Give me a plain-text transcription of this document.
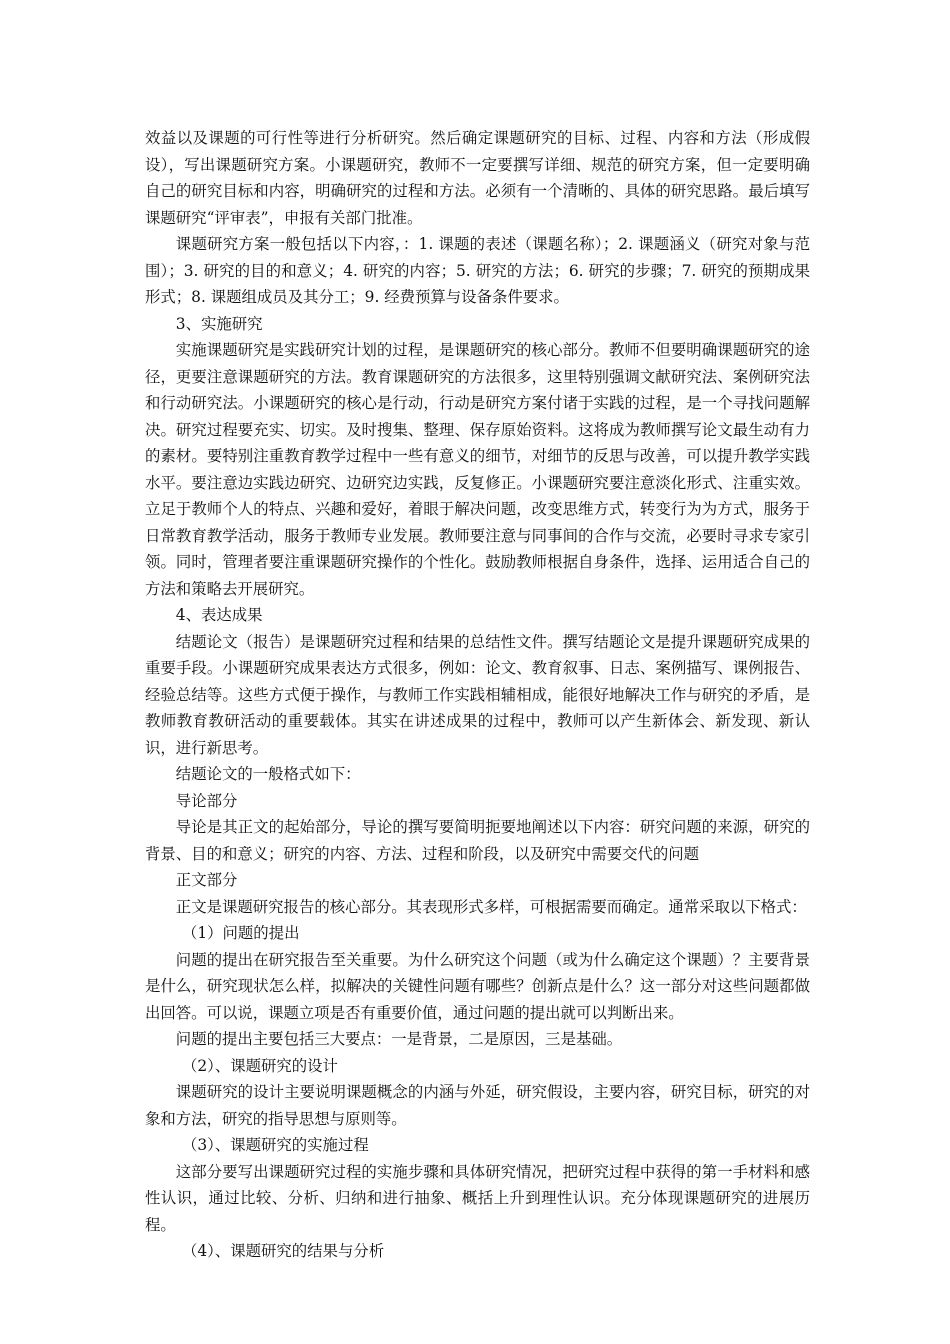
效益以及课题的可行性等进行分析研究。然后确定课题研究的目标、过程、内容和方法（形成假设），写出课题研究方案。小课题研究，教师不一定要撰写详细、规范的研究方案，但一定要明确自己的研究目标和内容，明确研究的过程和方法。必须有一个清晰的、具体的研究思路。最后填写课题研究“评审表”，申报有关部门批准。

课题研究方案一般包括以下内容，：1. 课题的表述（课题名称）；2. 课题涵义（研究对象与范围）；3. 研究的目的和意义；4. 研究的内容；5. 研究的方法；6. 研究的步骤；7. 研究的预期成果形式；8. 课题组成员及其分工；9. 经费预算与设备条件要求。

3、实施研究

实施课题研究是实践研究计划的过程，是课题研究的核心部分。教师不但要明确课题研究的途径，更要注意课题研究的方法。教育课题研究的方法很多，这里特别强调文献研究法、案例研究法和行动研究法。小课题研究的核心是行动，行动是研究方案付诸于实践的过程，是一个寻找问题解决。研究过程要充实、切实。及时搜集、整理、保存原始资料。这将成为教师撰写论文最生动有力的素材。要特别注重教育教学过程中一些有意义的细节，对细节的反思与改善，可以提升教学实践水平。要注意边实践边研究、边研究边实践，反复修正。小课题研究要注意淡化形式、注重实效。立足于教师个人的特点、兴趣和爱好，着眼于解决问题，改变思维方式，转变行为为方式，服务于日常教育教学活动，服务于教师专业发展。教师要注意与同事间的合作与交流，必要时寻求专家引领。同时，管理者要注重课题研究操作的个性化。鼓励教师根据自身条件，选择、运用适合自己的方法和策略去开展研究。

4、表达成果

结题论文（报告）是课题研究过程和结果的总结性文件。撰写结题论文是提升课题研究成果的重要手段。小课题研究成果表达方式很多，例如：论文、教育叙事、日志、案例描写、课例报告、经验总结等。这些方式便于操作，与教师工作实践相辅相成，能很好地解决工作与研究的矛盾，是教师教育教研活动的重要载体。其实在讲述成果的过程中，教师可以产生新体会、新发现、新认识，进行新思考。

结题论文的一般格式如下：

导论部分

导论是其正文的起始部分，导论的撰写要简明扼要地阐述以下内容：研究问题的来源，研究的背景、目的和意义；研究的内容、方法、过程和阶段，以及研究中需要交代的问题

正文部分

正文是课题研究报告的核心部分。其表现形式多样，可根据需要而确定。通常采取以下格式：

（1）问题的提出

问题的提出在研究报告至关重要。为什么研究这个问题（或为什么确定这个课题）？主要背景是什么，研究现状怎么样，拟解决的关键性问题有哪些？创新点是什么？这一部分对这些问题都做出回答。可以说，课题立项是否有重要价值，通过问题的提出就可以判断出来。

问题的提出主要包括三大要点：一是背景，二是原因，三是基础。

（2）、课题研究的设计

课题研究的设计主要说明课题概念的内涵与外延，研究假设，主要内容，研究目标，研究的对象和方法，研究的指导思想与原则等。

（3）、课题研究的实施过程

这部分要写出课题研究过程的实施步骤和具体研究情况，把研究过程中获得的第一手材料和感性认识，通过比较、分析、归纳和进行抽象、概括上升到理性认识。充分体现课题研究的进展历程。

（4）、课题研究的结果与分析
